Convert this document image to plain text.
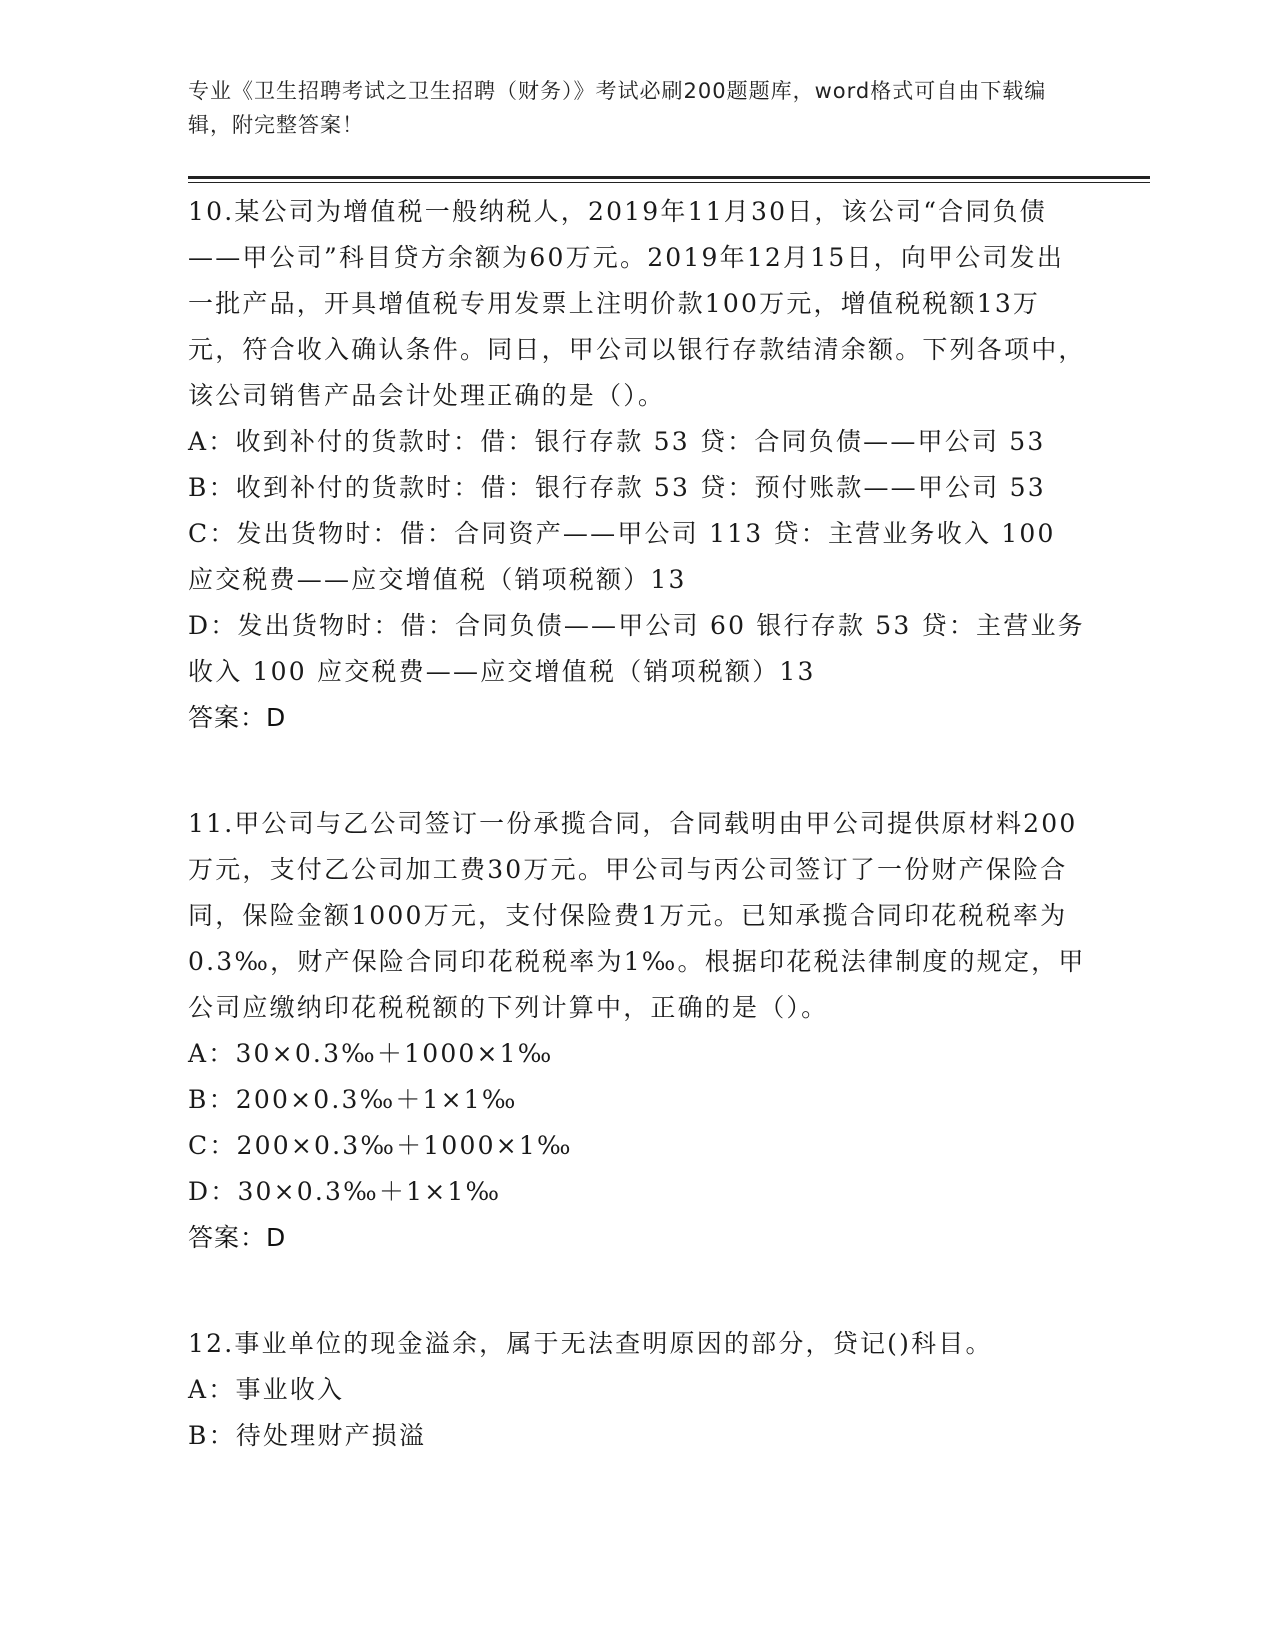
专业《卫生招聘考试之卫生招聘（财务）》考试必刷200题题库，word格式可自由下载编辑，附完整答案！
10.某公司为增值税一般纳税人，2019年11月30日，该公司“合同负债——甲公司”科目贷方余额为60万元。2019年12月15日，向甲公司发出一批产品，开具增值税专用发票上注明价款100万元，增值税税额13万元，符合收入确认条件。同日，甲公司以银行存款结清余额。下列各项中，该公司销售产品会计处理正确的是（）。
A：收到补付的货款时：借：银行存款 53 贷：合同负债——甲公司 53
B：收到补付的货款时：借：银行存款 53 贷：预付账款——甲公司 53
C：发出货物时：借：合同资产——甲公司 113 贷：主营业务收入 100 应交税费——应交增值税（销项税额）13
D：发出货物时：借：合同负债——甲公司 60 银行存款 53 贷：主营业务收入 100 应交税费——应交增值税（销项税额）13
答案：D
11.甲公司与乙公司签订一份承揽合同，合同载明由甲公司提供原材料200万元，支付乙公司加工费30万元。甲公司与丙公司签订了一份财产保险合同，保险金额1000万元，支付保险费1万元。已知承揽合同印花税税率为0.3‰，财产保险合同印花税税率为1‰。根据印花税法律制度的规定，甲公司应缴纳印花税税额的下列计算中，正确的是（）。
A：30×0.3‰＋1000×1‰
B：200×0.3‰＋1×1‰
C：200×0.3‰＋1000×1‰
D：30×0.3‰＋1×1‰
答案：D
12.事业单位的现金溢余，属于无法查明原因的部分，贷记()科目。
A：事业收入
B：待处理财产损溢
